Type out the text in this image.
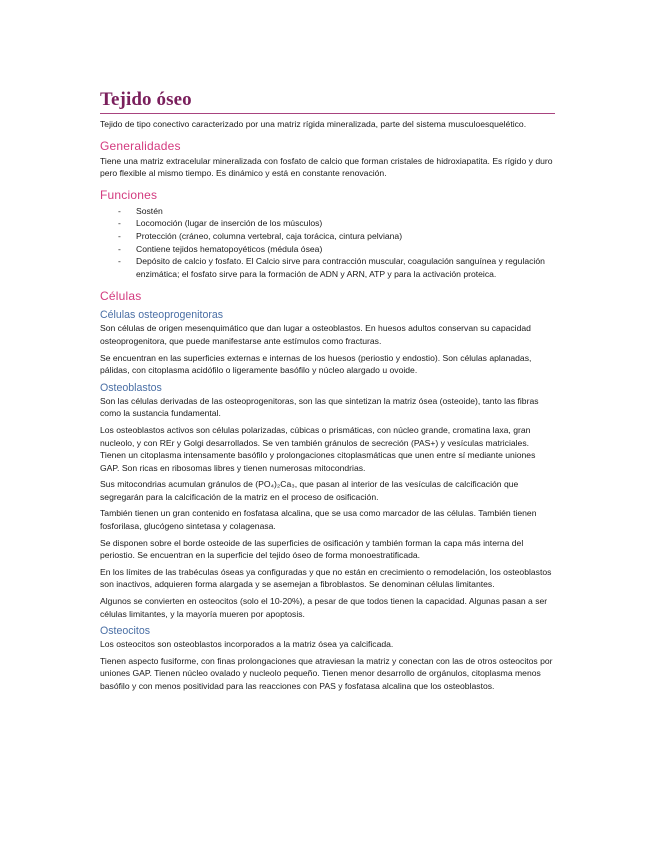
Tejido óseo

Tejido de tipo conectivo caracterizado por una matriz rígida mineralizada, parte del sistema musculoesquelético.

Generalidades

Tiene una matriz extracelular mineralizada con fosfato de calcio que forman cristales de hidroxiapatita. Es rígido y duro pero flexible al mismo tiempo. Es dinámico y está en constante renovación.

Funciones
- Sostén
- Locomoción (lugar de inserción de los músculos)
- Protección (cráneo, columna vertebral, caja torácica, cintura pelviana)
- Contiene tejidos hematopoyéticos (médula ósea)
- Depósito de calcio y fosfato. El Calcio sirve para contracción muscular, coagulación sanguínea y regulación enzimática; el fosfato sirve para la formación de ADN y ARN, ATP y para la activación proteica.
Células
Células osteoprogenitoras

Son células de origen mesenquimático que dan lugar a osteoblastos. En huesos adultos conservan su capacidad osteoprogenitora, que puede manifestarse ante estímulos como fracturas.

Se encuentran en las superficies externas e internas de los huesos (periostio y endostio). Son células aplanadas, pálidas, con citoplasma acidófilo o ligeramente basófilo y núcleo alargado u ovoide.

Osteoblastos

Son las células derivadas de las osteoprogenitoras, son las que sintetizan la matriz ósea (osteoide), tanto las fibras como la sustancia fundamental.

Los osteoblastos activos son células polarizadas, cúbicas o prismáticas, con núcleo grande, cromatina laxa, gran nucleolo, y con REr y Golgi desarrollados. Se ven también gránulos de secreción (PAS+) y vesículas matriciales. Tienen un citoplasma intensamente basófilo y prolongaciones citoplasmáticas que unen entre sí mediante uniones GAP. Son ricas en ribosomas libres y tienen numerosas mitocondrias.

Sus mitocondrias acumulan gránulos de (PO₄)₂Ca₃, que pasan al interior de las vesículas de calcificación que segregarán para la calcificación de la matriz en el proceso de osificación.

También tienen un gran contenido en fosfatasa alcalina, que se usa como marcador de las células. También tienen fosforilasa, glucógeno sintetasa y colagenasa.

Se disponen sobre el borde osteoide de las superficies de osificación y también forman la capa más interna del periostio. Se encuentran en la superficie del tejido óseo de forma monoestratificada.

En los límites de las trabéculas óseas ya configuradas y que no están en crecimiento o remodelación, los osteoblastos son inactivos, adquieren forma alargada y se asemejan a fibroblastos. Se denominan células limitantes.

Algunos se convierten en osteocitos (solo el 10-20%), a pesar de que todos tienen la capacidad. Algunas pasan a ser células limitantes, y la mayoría mueren por apoptosis.

Osteocitos

Los osteocitos son osteoblastos incorporados a la matriz ósea ya calcificada.

Tienen aspecto fusiforme, con finas prolongaciones que atraviesan la matriz y conectan con las de otros osteocitos por uniones GAP. Tienen núcleo ovalado y nucleolo pequeño. Tienen menor desarrollo de orgánulos, citoplasma menos basófilo y con menos positividad para las reacciones con PAS y fosfatasa alcalina que los osteoblastos.
